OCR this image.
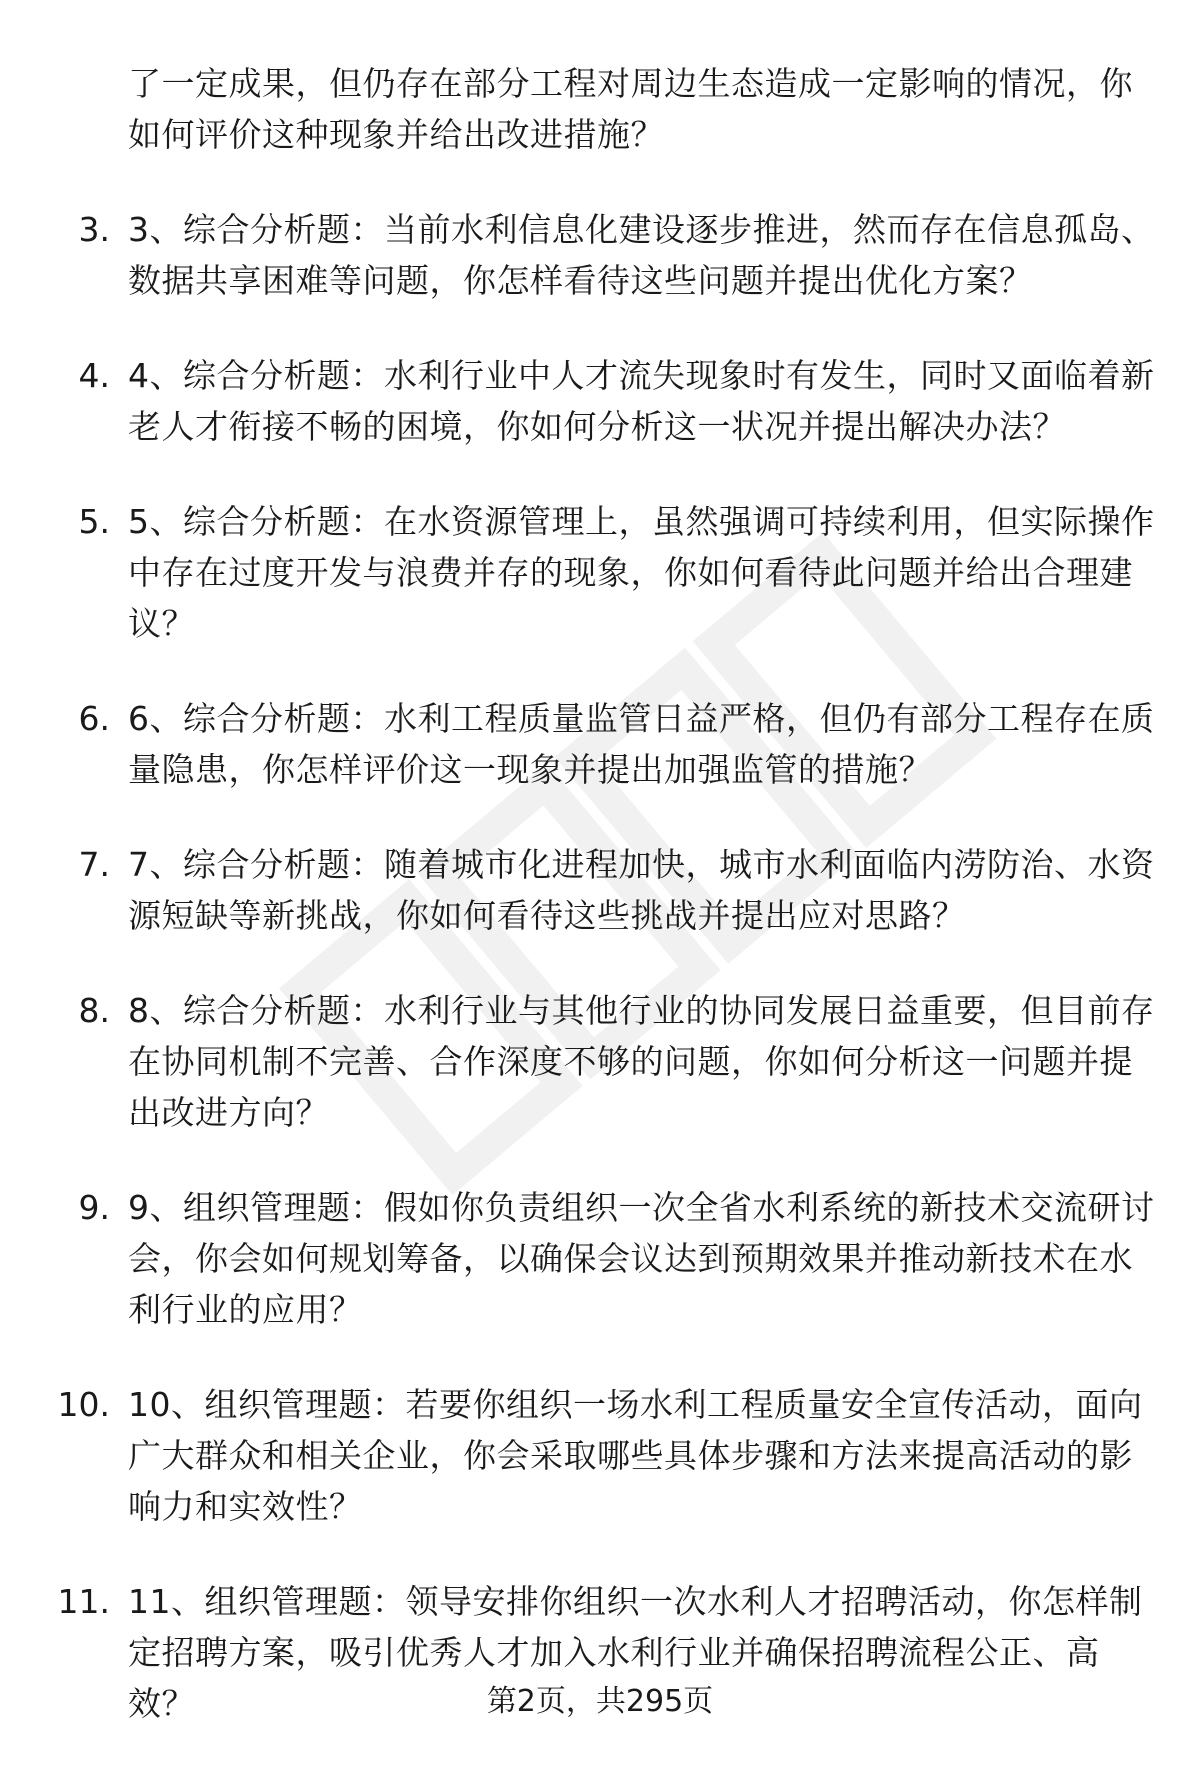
了一定成果，但仍存在部分工程对周边生态造成一定影响的情况，你如何评价这种现象并给出改进措施？
3. 3、综合分析题：当前水利信息化建设逐步推进，然而存在信息孤岛、数据共享困难等问题，你怎样看待这些问题并提出优化方案？
4. 4、综合分析题：水利行业中人才流失现象时有发生，同时又面临着新老人才衔接不畅的困境，你如何分析这一状况并提出解决办法？
5. 5、综合分析题：在水资源管理上，虽然强调可持续利用，但实际操作中存在过度开发与浪费并存的现象，你如何看待此问题并给出合理建议？
6. 6、综合分析题：水利工程质量监管日益严格，但仍有部分工程存在质量隐患，你怎样评价这一现象并提出加强监管的措施？
7. 7、综合分析题：随着城市化进程加快，城市水利面临内涝防治、水资源短缺等新挑战，你如何看待这些挑战并提出应对思路？
8. 8、综合分析题：水利行业与其他行业的协同发展日益重要，但目前存在协同机制不完善、合作深度不够的问题，你如何分析这一问题并提出改进方向？
9. 9、组织管理题：假如你负责组织一次全省水利系统的新技术交流研讨会，你会如何规划筹备，以确保会议达到预期效果并推动新技术在水利行业的应用？
10. 10、组织管理题：若要你组织一场水利工程质量安全宣传活动，面向广大群众和相关企业，你会采取哪些具体步骤和方法来提高活动的影响力和实效性？
11. 11、组织管理题：领导安排你组织一次水利人才招聘活动，你怎样制定招聘方案，吸引优秀人才加入水利行业并确保招聘流程公正、高效？	第2页，共295页
